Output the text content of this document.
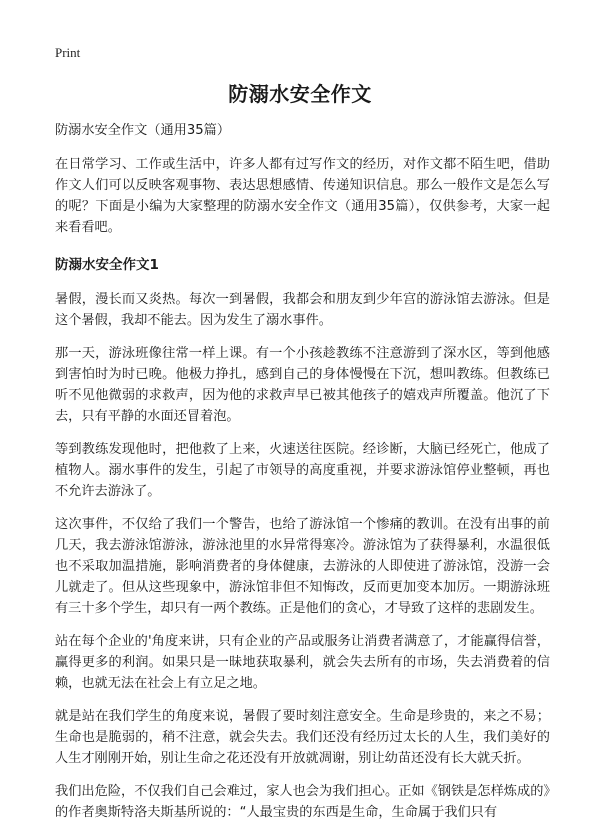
Print
防溺水安全作文

防溺水安全作文（通用35篇）

在日常学习、工作或生活中，许多人都有过写作文的经历，对作文都不陌生吧，借助作文人们可以反映客观事物、表达思想感情、传递知识信息。那么一般作文是怎么写的呢？下面是小编为大家整理的防溺水安全作文（通用35篇），仅供参考，大家一起来看看吧。

防溺水安全作文1

暑假，漫长而又炎热。每次一到暑假，我都会和朋友到少年宫的游泳馆去游泳。但是这个暑假，我却不能去。因为发生了溺水事件。

那一天，游泳班像往常一样上课。有一个小孩趁教练不注意游到了深水区，等到他感到害怕时为时已晚。他极力挣扎，感到自己的身体慢慢在下沉，想叫教练。但教练已听不见他微弱的求救声，因为他的求救声早已被其他孩子的嬉戏声所覆盖。他沉了下去，只有平静的水面还冒着泡。

等到教练发现他时，把他救了上来，火速送往医院。经诊断，大脑已经死亡，他成了植物人。溺水事件的发生，引起了市领导的高度重视，并要求游泳馆停业整顿，再也不允许去游泳了。

这次事件，不仅给了我们一个警告，也给了游泳馆一个惨痛的教训。在没有出事的前几天，我去游泳馆游泳，游泳池里的水异常得寒冷。游泳馆为了获得暴利，水温很低也不采取加温措施，影响消费者的身体健康，去游泳的人即使进了游泳馆，没游一会儿就走了。但从这些现象中，游泳馆非但不知悔改，反而更加变本加厉。一期游泳班有三十多个学生，却只有一两个教练。正是他们的贪心，才导致了这样的悲剧发生。

站在每个企业的'角度来讲，只有企业的产品或服务让消费者满意了，才能赢得信誉，赢得更多的利润。如果只是一昧地获取暴利，就会失去所有的市场，失去消费着的信赖，也就无法在社会上有立足之地。

就是站在我们学生的角度来说，暑假了要时刻注意安全。生命是珍贵的，来之不易；生命也是脆弱的，稍不注意，就会失去。我们还没有经历过太长的人生，我们美好的人生才刚刚开始，别让生命之花还没有开放就凋谢，别让幼苗还没有长大就夭折。

我们出危险，不仅我们自己会难过，家人也会为我们担心。正如《钢铁是怎样炼成的》的作者奥斯特洛夫斯基所说的：“人最宝贵的东西是生命，生命属于我们只有
